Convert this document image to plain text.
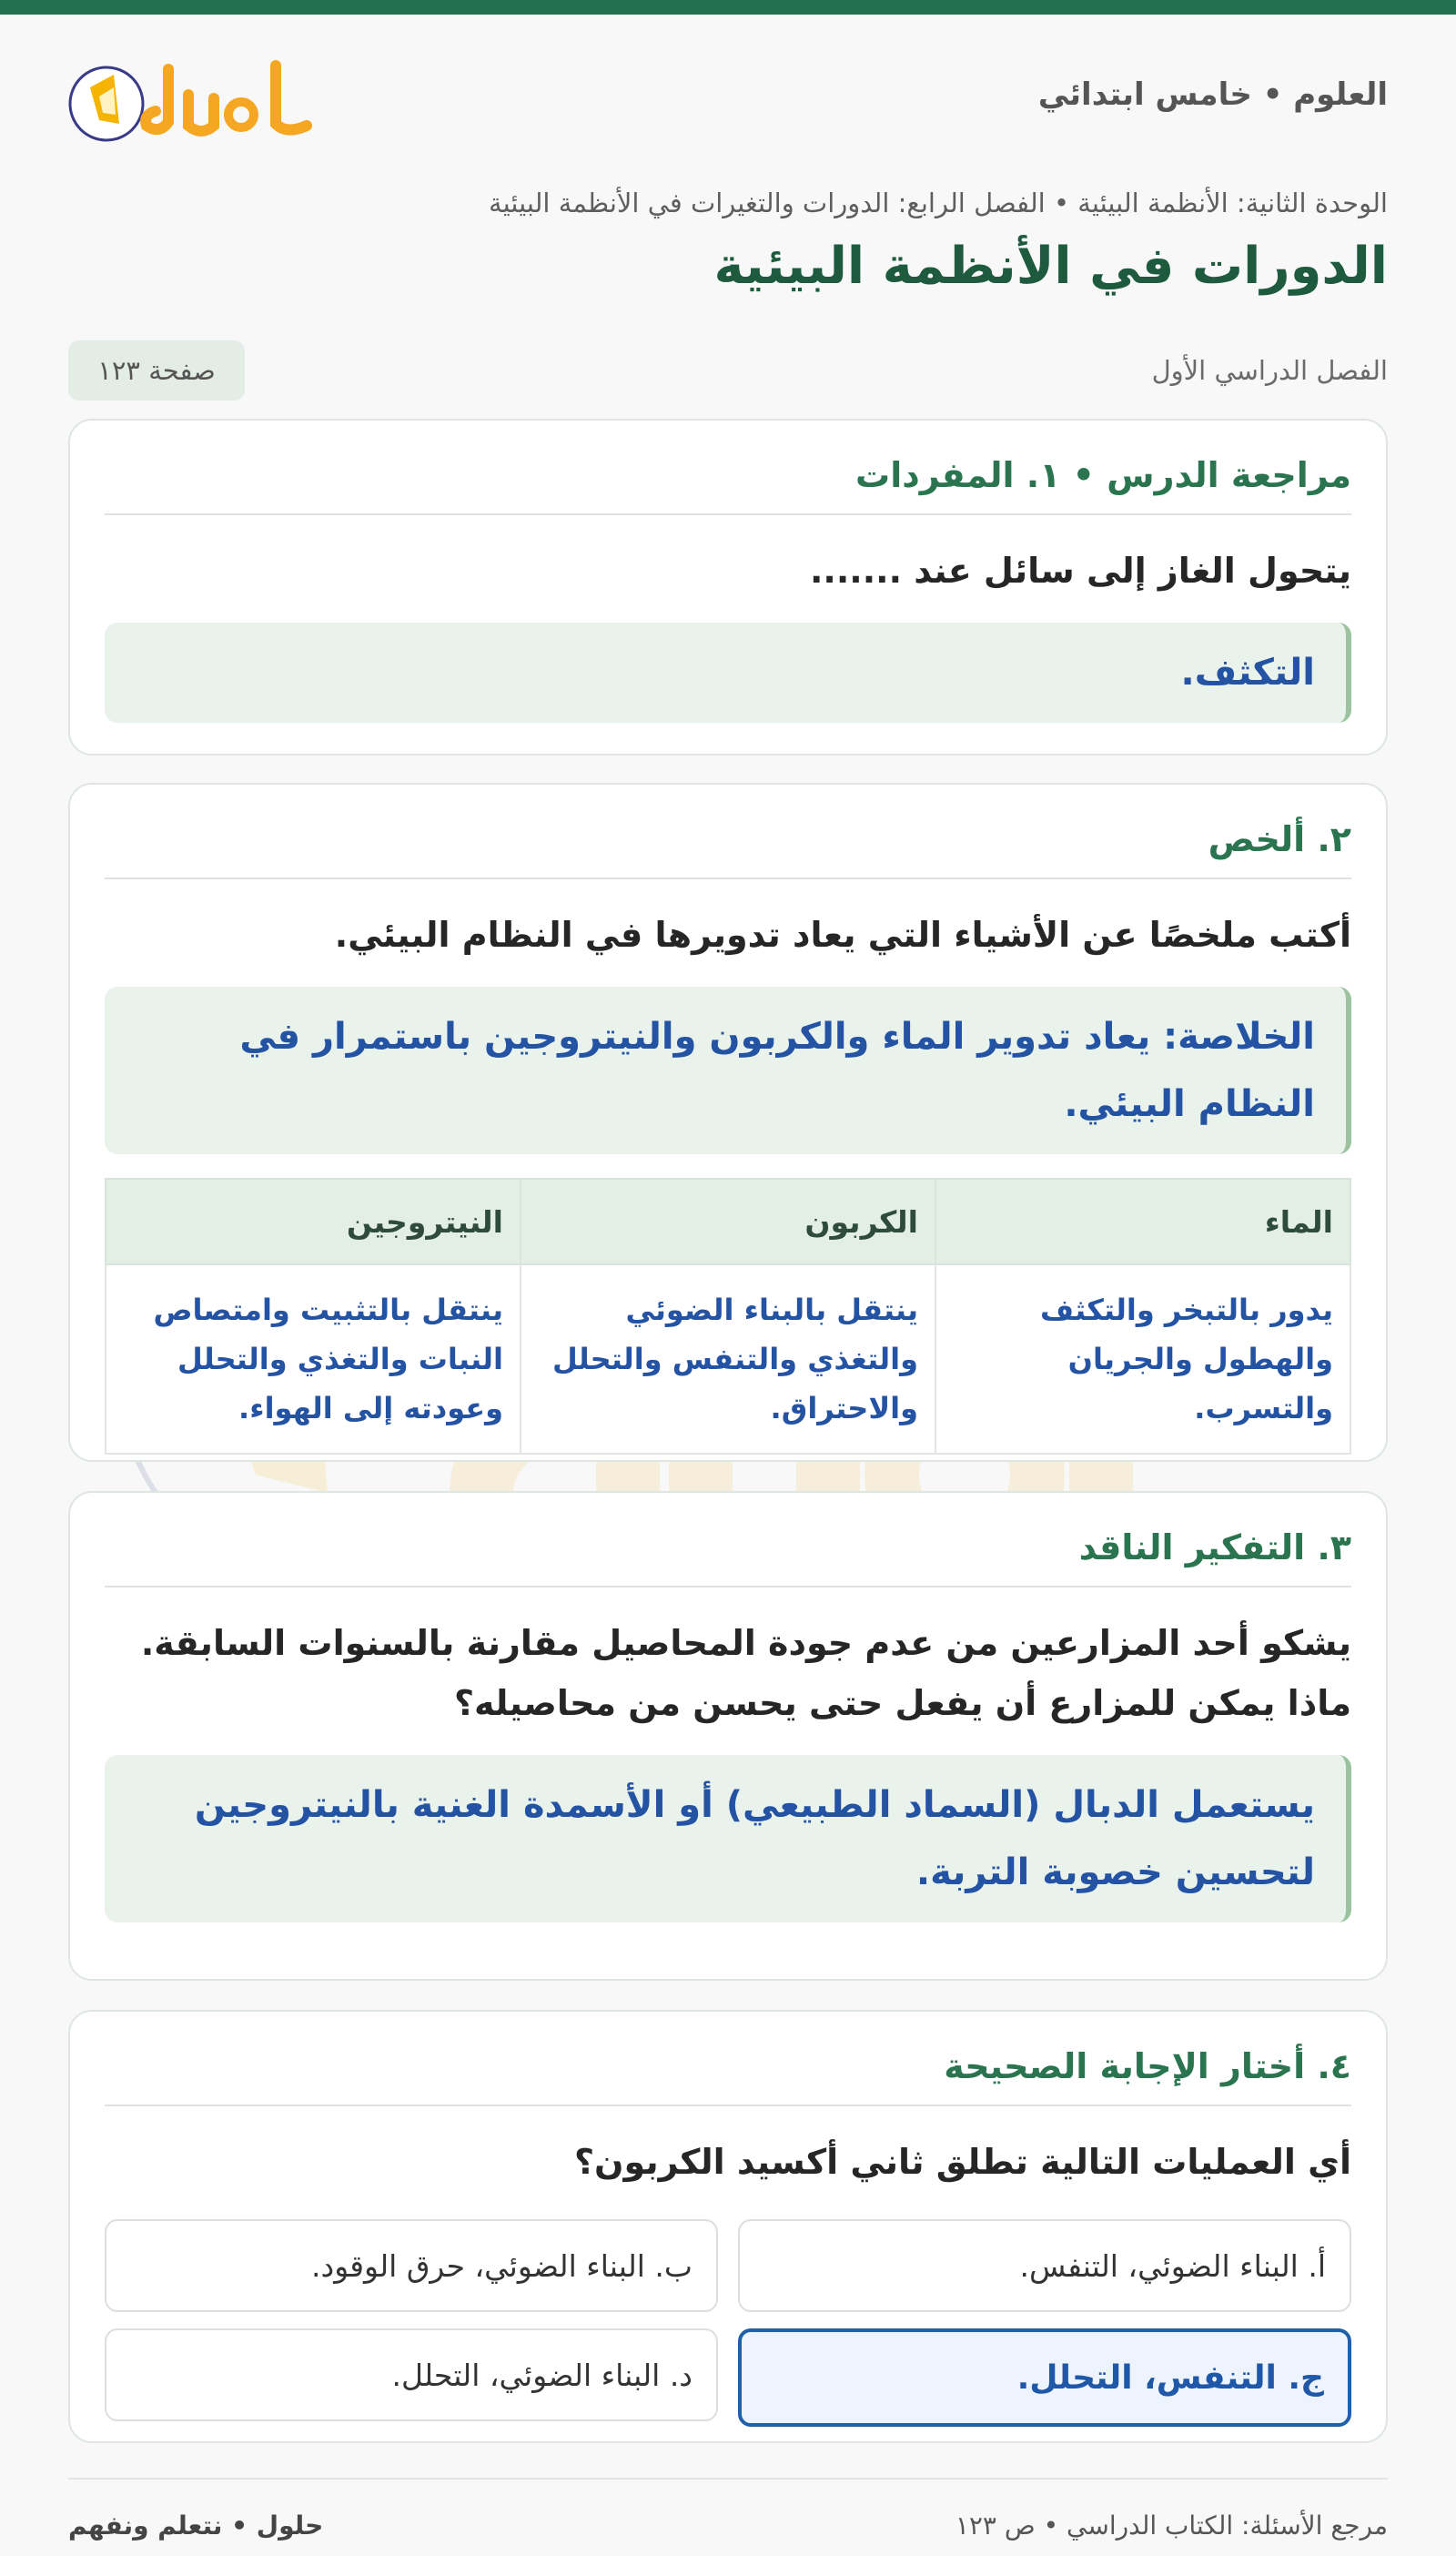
العلوم • خامس ابتدائي
الوحدة الثانية: الأنظمة البيئية • الفصل الرابع: الدورات والتغيرات في الأنظمة البيئية
الدورات في الأنظمة البيئية
الفصل الدراسي الأول
صفحة ١٢٣
مراجعة الدرس • ١. المفردات

يتحول الغاز إلى سائل عند .......

التكثف.
٢. ألخص

أكتب ملخصًا عن الأشياء التي يعاد تدويرها في النظام البيئي.

الخلاصة: يعاد تدوير الماء والكربون والنيتروجين باستمرار في النظام البيئي.
الماء	الكربون	النيتروجين
يدور بالتبخر والتكثف والهطول والجريان والتسرب.	ينتقل بالبناء الضوئي والتغذي والتنفس والتحلل والاحتراق.	ينتقل بالتثبيت وامتصاص النبات والتغذي والتحلل وعودته إلى الهواء.
٣. التفكير الناقد

يشكو أحد المزارعين من عدم جودة المحاصيل مقارنة بالسنوات السابقة. ماذا يمكن للمزارع أن يفعل حتى يحسن من محاصيله؟

يستعمل الدبال (السماد الطبيعي) أو الأسمدة الغنية بالنيتروجين لتحسين خصوبة التربة.
٤. أختار الإجابة الصحيحة

أي العمليات التالية تطلق ثاني أكسيد الكربون؟

أ. البناء الضوئي، التنفس.
ب. البناء الضوئي، حرق الوقود.
ج. التنفس، التحلل.
د. البناء الضوئي، التحلل.
مرجع الأسئلة: الكتاب الدراسي • ص ١٢٣
حلول • نتعلم ونفهم
